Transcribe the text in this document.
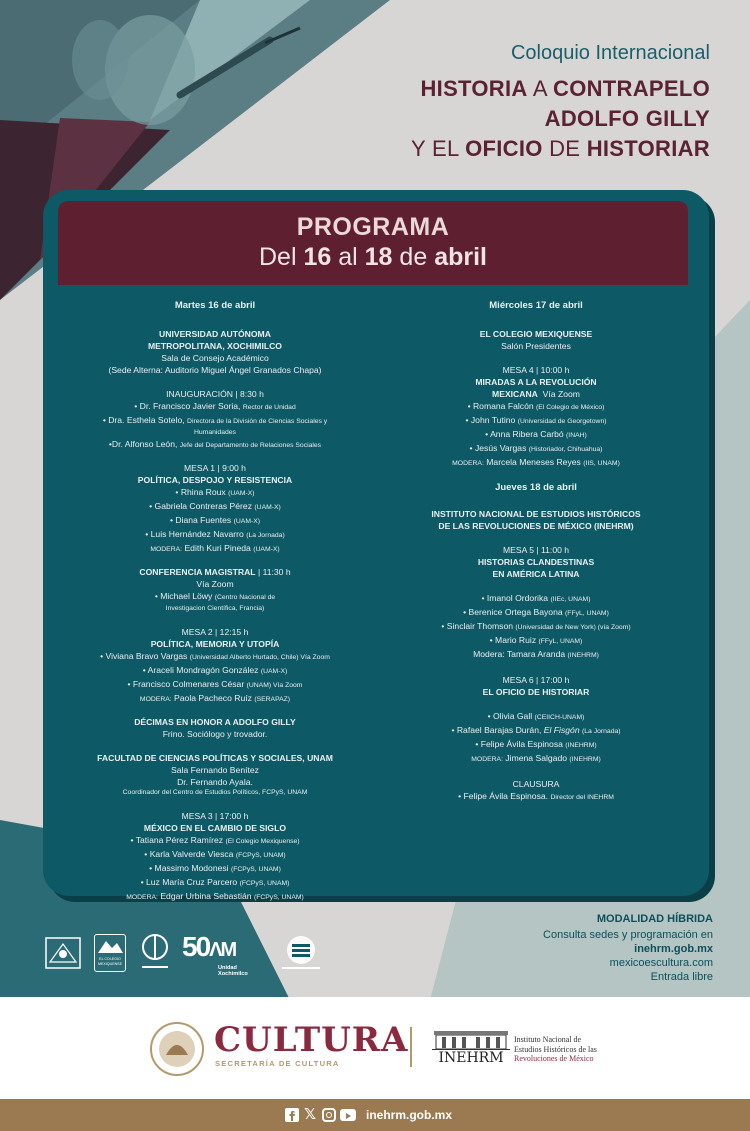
Coloquio Internacional
HISTORIA A CONTRAPELO
ADOLFO GILLY
Y EL OFICIO DE HISTORIAR
PROGRAMA
Del 16 al 18 de abril
Martes 16 de abril
UNIVERSIDAD AUTÓNOMA
METROPOLITANA, XOCHIMILCO
Sala de Consejo Académico
(Sede Alterna: Auditorio Miguel Ángel Granados Chapa)
INAUGURACIÓN | 8:30 h
• Dr. Francisco Javier Soria, Rector de Unidad
• Dra. Esthela Sotelo, Directora de la División de Ciencias Sociales y
Humanidades
•Dr. Alfonso León, Jefe del Departamento de Relaciones Sociales
MESA 1 | 9:00 h
POLÍTICA, DESPOJO Y RESISTENCIA
• Rhina Roux (UAM-X)
• Gabriela Contreras Pérez (UAM-X)
• Diana Fuentes (UAM-X)
• Luis Hernández Navarro (La Jornada)
MODERA: Edith Kuri Pineda (UAM-X)
CONFERENCIA MAGISTRAL | 11:30 h
Vía Zoom
• Michael Löwy (Centro Nacional de
Investigacion Científica, Francia)
MESA 2 | 12:15 h
POLÍTICA, MEMORIA Y UTOPÍA
• Viviana Bravo Vargas (Universidad Alberto Hurtado, Chile) Vía Zoom
• Araceli Mondragón González (UAM-X)
• Francisco Colmenares César (UNAM) Vía Zoom
MODERA: Paola Pacheco Ruíz (SERAPAZ)
DÉCIMAS EN HONOR A ADOLFO GILLY
Frino. Sociólogo y trovador.
FACULTAD DE CIENCIAS POLÍTICAS Y SOCIALES, UNAM
Sala Fernando Benítez
Dr. Fernando Ayala.
Coordinador del Centro de Estudios Políticos, FCPyS, UNAM
MESA 3 | 17:00 h
MÉXICO EN EL CAMBIO DE SIGLO
• Tatiana Pérez Ramírez (El Colegio Mexiquense)
• Karla Valverde Viesca (FCPyS, UNAM)
• Massimo Modonesi (FCPyS, UNAM)
• Luz María Cruz Parcero (FCPyS, UNAM)
MODERA: Edgar Urbina Sebastián (FCPyS, UNAM)
Miércoles 17 de abril
EL COLEGIO MEXIQUENSE
Salón Presidentes
MESA 4 | 10:00 h
MIRADAS A LA REVOLUCIÓN
MEXICANA Vía Zoom
• Romana Falcón (El Colegio de México)
• John Tutino (Universidad de Georgetown)
• Anna Ribera Carbó (INAH)
• Jesús Vargas (Historiador, Chihuahua)
MODERA: Marcela Meneses Reyes (IIS, UNAM)
Jueves 18 de abril
INSTITUTO NACIONAL DE ESTUDIOS HISTÓRICOS
DE LAS REVOLUCIONES DE MÉXICO (INEHRM)
MESA 5 | 11:00 h
HISTORIAS CLANDESTINAS
EN AMÉRICA LATINA
• Imanol Ordorika (IIEc, UNAM)
• Berenice Ortega Bayona (FFyL, UNAM)
• Sinclair Thomson (Universidad de New York) (vía Zoom)
• Mario Ruiz (FFyL, UNAM)
Modera: Tamara Aranda (INEHRM)
MESA 6 | 17:00 h
EL OFICIO DE HISTORIAR
• Olivia Gall (CEIICH-UNAM)
• Rafael Barajas Durán, El Fisgón (La Jornada)
• Felipe Ávila Espinosa (INEHRM)
MODERA: Jimena Salgado (INEHRM)
CLAUSURA
• Felipe Ávila Espinosa. Director del INEHRM
MODALIDAD HÍBRIDA
Consulta sedes y programación en
inehrm.gob.mx
mexicoescultura.com
Entrada libre
EL COLEGIO MEXIQUENSE
50ΛM
Unidad Xochimilco
CULTURA
SECRETARÍA DE CULTURA	INEHRM
Instituto Nacional de
Estudios Históricos de las
Revoluciones de México
𝕏	inehrm.gob.mx
